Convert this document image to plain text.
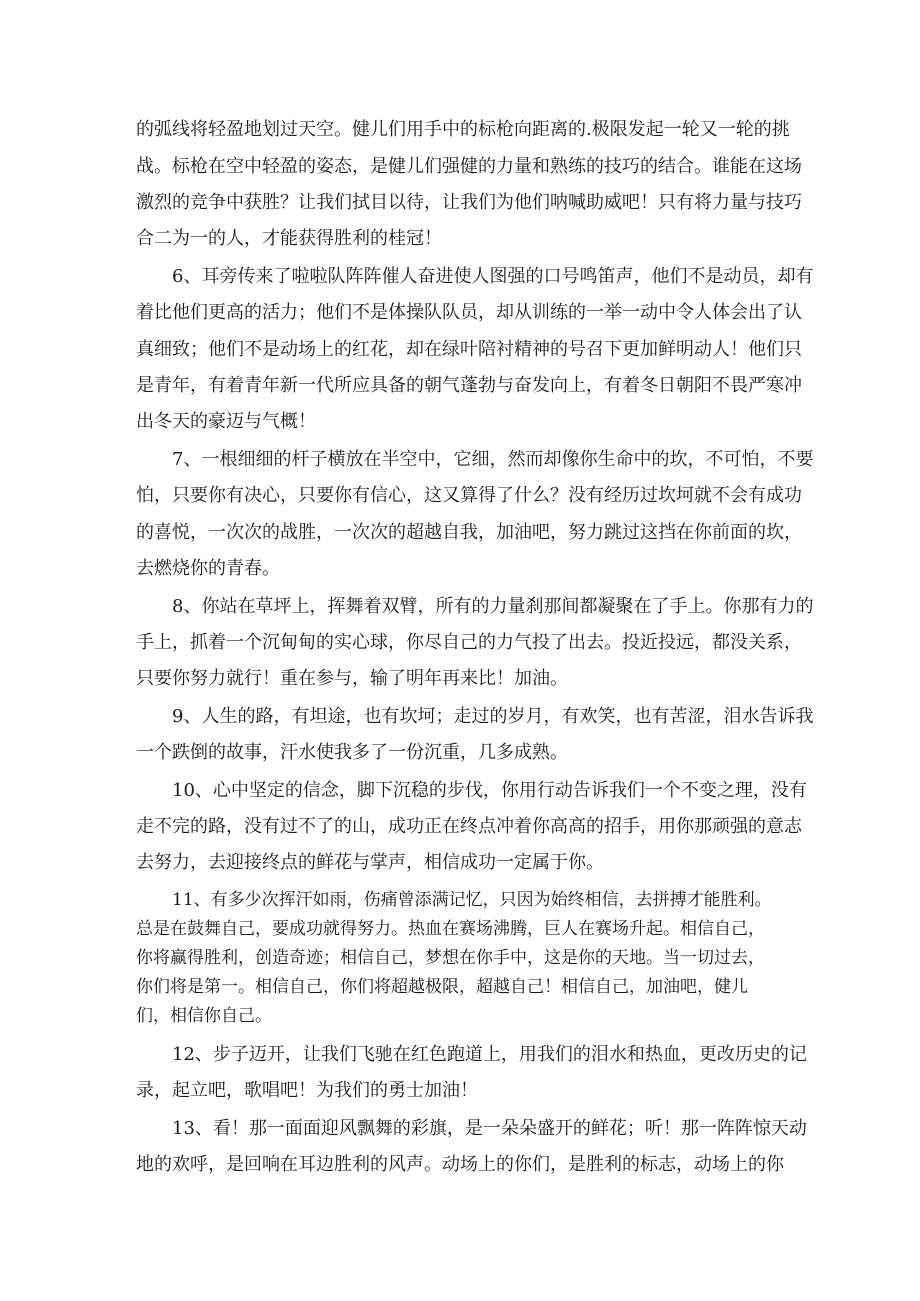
的弧线将轻盈地划过天空。健儿们用手中的标枪向距离的.极限发起一轮又一轮的挑

战。标枪在空中轻盈的姿态，是健儿们强健的力量和熟练的技巧的结合。谁能在这场

激烈的竞争中获胜？让我们拭目以待，让我们为他们呐喊助威吧！只有将力量与技巧

合二为一的人，才能获得胜利的桂冠！

6、耳旁传来了啦啦队阵阵催人奋进使人图强的口号鸣笛声，他们不是动员，却有

着比他们更高的活力；他们不是体操队队员，却从训练的一举一动中令人体会出了认

真细致；他们不是动场上的红花，却在绿叶陪衬精神的号召下更加鲜明动人！他们只

是青年，有着青年新一代所应具备的朝气蓬勃与奋发向上，有着冬日朝阳不畏严寒冲

出冬天的豪迈与气概！

7、一根细细的杆子横放在半空中，它细，然而却像你生命中的坎，不可怕，不要

怕，只要你有决心，只要你有信心，这又算得了什么？没有经历过坎坷就不会有成功

的喜悦，一次次的战胜，一次次的超越自我，加油吧，努力跳过这挡在你前面的坎，

去燃烧你的青春。

8、你站在草坪上，挥舞着双臂，所有的力量刹那间都凝聚在了手上。你那有力的

手上，抓着一个沉甸甸的实心球，你尽自己的力气投了出去。投近投远，都没关系，

只要你努力就行！重在参与，输了明年再来比！加油。

9、人生的路，有坦途，也有坎坷；走过的岁月，有欢笑，也有苦涩，泪水告诉我

一个跌倒的故事，汗水使我多了一份沉重，几多成熟。

10、心中坚定的信念，脚下沉稳的步伐，你用行动告诉我们一个不变之理，没有

走不完的路，没有过不了的山，成功正在终点冲着你高高的招手，用你那顽强的意志

去努力，去迎接终点的鲜花与掌声，相信成功一定属于你。

11、有多少次挥汗如雨，伤痛曾添满记忆，只因为始终相信，去拼搏才能胜利。

总是在鼓舞自己，要成功就得努力。热血在赛场沸腾，巨人在赛场升起。相信自己，

你将赢得胜利，创造奇迹；相信自己，梦想在你手中，这是你的天地。当一切过去，

你们将是第一。相信自己，你们将超越极限，超越自己！相信自己，加油吧，健儿

们，相信你自己。

12、步子迈开，让我们飞驰在红色跑道上，用我们的泪水和热血，更改历史的记

录，起立吧，歌唱吧！为我们的勇士加油！

13、看！那一面面迎风飘舞的彩旗，是一朵朵盛开的鲜花；听！那一阵阵惊天动

地的欢呼，是回响在耳边胜利的风声。动场上的你们，是胜利的标志，动场上的你
